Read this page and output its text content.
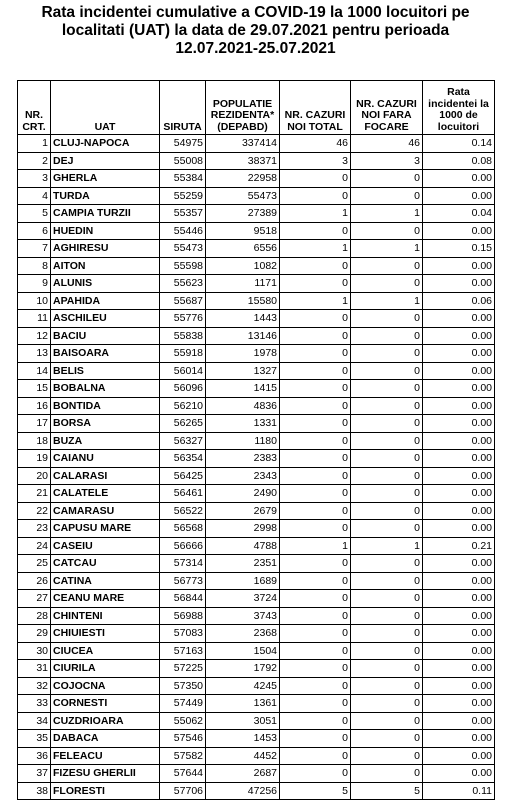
Rata incidentei cumulative a COVID-19 la 1000 locuitori pe
localitati (UAT) la data de 29.07.2021 pentru perioada
12.07.2021-25.07.2021
NR. CRT.	UAT	SIRUTA	POPULATIE REZIDENTA* (DEPABD)	NR. CAZURI NOI TOTAL	NR. CAZURI NOI FARA FOCARE	Rata incidentei la 1000 de locuitori
1	CLUJ-NAPOCA	54975	337414	46	46	0.14
2	DEJ	55008	38371	3	3	0.08
3	GHERLA	55384	22958	0	0	0.00
4	TURDA	55259	55473	0	0	0.00
5	CAMPIA TURZII	55357	27389	1	1	0.04
6	HUEDIN	55446	9518	0	0	0.00
7	AGHIRESU	55473	6556	1	1	0.15
8	AITON	55598	1082	0	0	0.00
9	ALUNIS	55623	1171	0	0	0.00
10	APAHIDA	55687	15580	1	1	0.06
11	ASCHILEU	55776	1443	0	0	0.00
12	BACIU	55838	13146	0	0	0.00
13	BAISOARA	55918	1978	0	0	0.00
14	BELIS	56014	1327	0	0	0.00
15	BOBALNA	56096	1415	0	0	0.00
16	BONTIDA	56210	4836	0	0	0.00
17	BORSA	56265	1331	0	0	0.00
18	BUZA	56327	1180	0	0	0.00
19	CAIANU	56354	2383	0	0	0.00
20	CALARASI	56425	2343	0	0	0.00
21	CALATELE	56461	2490	0	0	0.00
22	CAMARASU	56522	2679	0	0	0.00
23	CAPUSU MARE	56568	2998	0	0	0.00
24	CASEIU	56666	4788	1	1	0.21
25	CATCAU	57314	2351	0	0	0.00
26	CATINA	56773	1689	0	0	0.00
27	CEANU MARE	56844	3724	0	0	0.00
28	CHINTENI	56988	3743	0	0	0.00
29	CHIUIESTI	57083	2368	0	0	0.00
30	CIUCEA	57163	1504	0	0	0.00
31	CIURILA	57225	1792	0	0	0.00
32	COJOCNA	57350	4245	0	0	0.00
33	CORNESTI	57449	1361	0	0	0.00
34	CUZDRIOARA	55062	3051	0	0	0.00
35	DABACA	57546	1453	0	0	0.00
36	FELEACU	57582	4452	0	0	0.00
37	FIZESU GHERLII	57644	2687	0	0	0.00
38	FLORESTI	57706	47256	5	5	0.11
